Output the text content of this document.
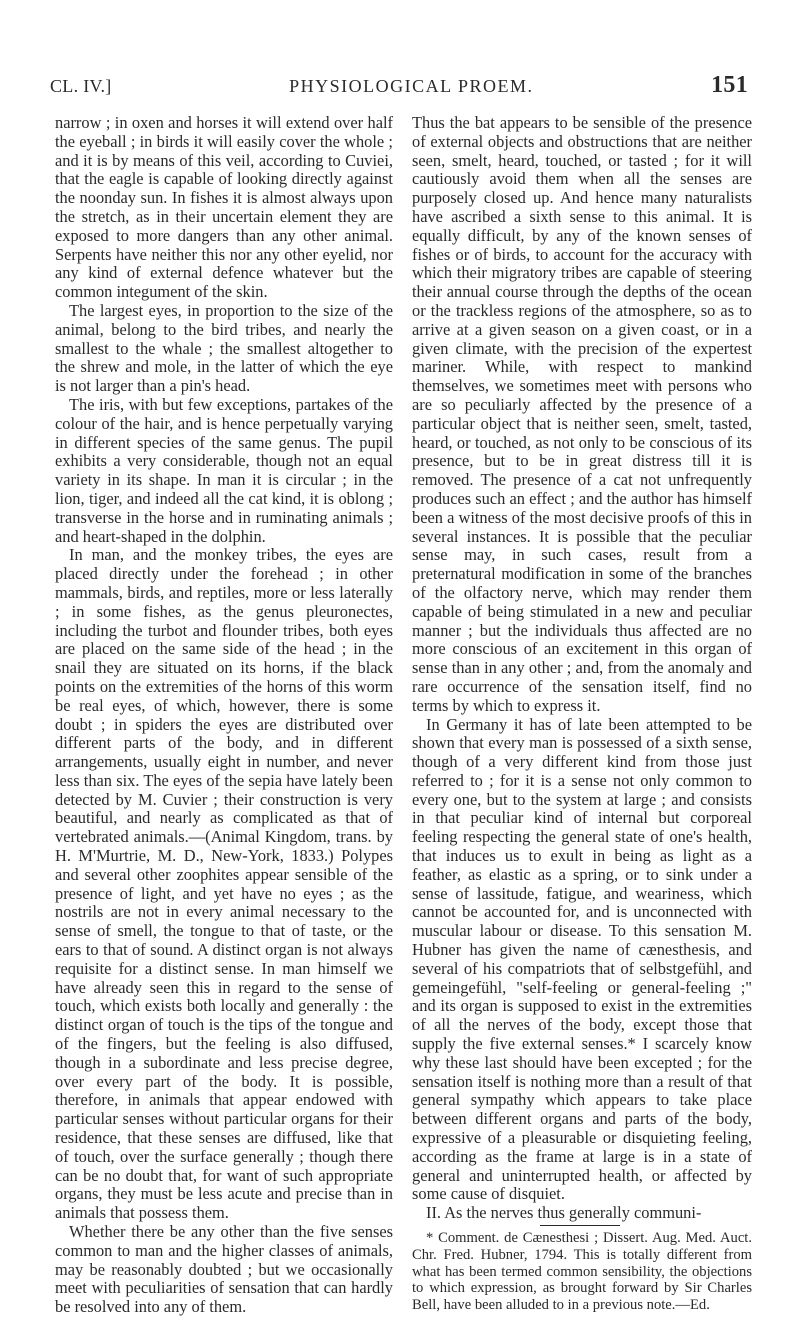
CL. IV.]	PHYSIOLOGICAL PROEM.	151

narrow ; in oxen and horses it will extend over half the eyeball ; in birds it will easily cover the whole ; and it is by means of this veil, according to Cuviei, that the eagle is capable of looking directly against the noonday sun. In fishes it is almost always upon the stretch, as in their uncertain element they are exposed to more dangers than any other animal. Serpents have neither this nor any other eyelid, nor any kind of external defence whatever but the common integument of the skin.

The largest eyes, in proportion to the size of the animal, belong to the bird tribes, and nearly the smallest to the whale ; the smallest altogether to the shrew and mole, in the latter of which the eye is not larger than a pin's head.

The iris, with but few exceptions, partakes of the colour of the hair, and is hence perpetually varying in different species of the same genus. The pupil exhibits a very considerable, though not an equal variety in its shape. In man it is circular ; in the lion, tiger, and indeed all the cat kind, it is oblong ; transverse in the horse and in ruminating animals ; and heart-shaped in the dolphin.

In man, and the monkey tribes, the eyes are placed directly under the forehead ; in other mammals, birds, and reptiles, more or less laterally ; in some fishes, as the genus pleuronectes, including the turbot and flounder tribes, both eyes are placed on the same side of the head ; in the snail they are situated on its horns, if the black points on the extremities of the horns of this worm be real eyes, of which, however, there is some doubt ; in spiders the eyes are distributed over different parts of the body, and in different arrangements, usually eight in number, and never less than six. The eyes of the sepia have lately been detected by M. Cuvier ; their construction is very beautiful, and nearly as complicated as that of vertebrated animals.—(Animal Kingdom, trans. by H. M'Murtrie, M. D., New-York, 1833.) Polypes and several other zoophites appear sensible of the presence of light, and yet have no eyes ; as the nostrils are not in every animal necessary to the sense of smell, the tongue to that of taste, or the ears to that of sound. A distinct organ is not always requisite for a distinct sense. In man himself we have already seen this in regard to the sense of touch, which exists both locally and generally : the distinct organ of touch is the tips of the tongue and of the fingers, but the feeling is also diffused, though in a subordinate and less precise degree, over every part of the body. It is possible, therefore, in animals that appear endowed with particular senses without particular organs for their residence, that these senses are diffused, like that of touch, over the surface generally ; though there can be no doubt that, for want of such appropriate organs, they must be less acute and precise than in animals that possess them.

Whether there be any other than the five senses common to man and the higher classes of animals, may be reasonably doubted ; but we occasionally meet with peculiarities of sensation that can hardly be resolved into any of them.

Thus the bat appears to be sensible of the presence of external objects and obstructions that are neither seen, smelt, heard, touched, or tasted ; for it will cautiously avoid them when all the senses are purposely closed up. And hence many naturalists have ascribed a sixth sense to this animal. It is equally difficult, by any of the known senses of fishes or of birds, to account for the accuracy with which their migratory tribes are capable of steering their annual course through the depths of the ocean or the trackless regions of the atmosphere, so as to arrive at a given season on a given coast, or in a given climate, with the precision of the expertest mariner. While, with respect to mankind themselves, we sometimes meet with persons who are so peculiarly affected by the presence of a particular object that is neither seen, smelt, tasted, heard, or touched, as not only to be conscious of its presence, but to be in great distress till it is removed. The presence of a cat not unfrequently produces such an effect ; and the author has himself been a witness of the most decisive proofs of this in several instances. It is possible that the peculiar sense may, in such cases, result from a preternatural modification in some of the branches of the olfactory nerve, which may render them capable of being stimulated in a new and peculiar manner ; but the individuals thus affected are no more conscious of an excitement in this organ of sense than in any other ; and, from the anomaly and rare occurrence of the sensation itself, find no terms by which to express it.

In Germany it has of late been attempted to be shown that every man is possessed of a sixth sense, though of a very different kind from those just referred to ; for it is a sense not only common to every one, but to the system at large ; and consists in that peculiar kind of internal but corporeal feeling respecting the general state of one's health, that induces us to exult in being as light as a feather, as elastic as a spring, or to sink under a sense of lassitude, fatigue, and weariness, which cannot be accounted for, and is unconnected with muscular labour or disease. To this sensation M. Hubner has given the name of cænesthesis, and several of his compatriots that of selbstgefühl, and gemeingefühl, "self-feeling or general-feeling ;" and its organ is supposed to exist in the extremities of all the nerves of the body, except those that supply the five external senses.* I scarcely know why these last should have been excepted ; for the sensation itself is nothing more than a result of that general sympathy which appears to take place between different organs and parts of the body, expressive of a pleasurable or disquieting feeling, according as the frame at large is in a state of general and uninterrupted health, or affected by some cause of disquiet.

II. As the nerves thus generally communi-

* Comment. de Cænesthesi ; Dissert. Aug. Med. Auct. Chr. Fred. Hubner, 1794. This is totally different from what has been termed common sensibility, the objections to which expression, as brought forward by Sir Charles Bell, have been alluded to in a previous note.—Ed.
